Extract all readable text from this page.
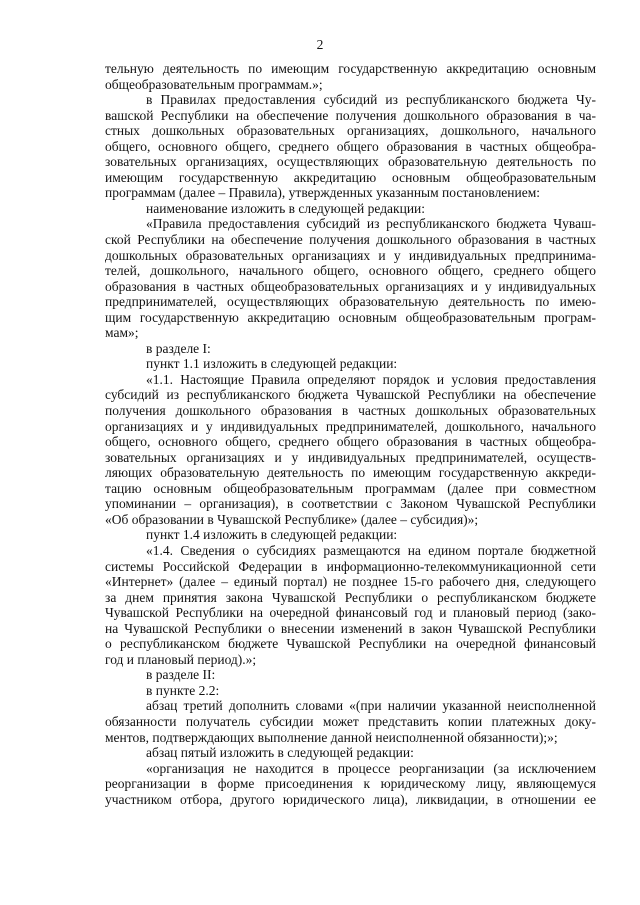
2
тельную деятельность по имеющим государственную аккредитацию основным
общеобразовательным программам.»;
в Правилах предоставления субсидий из республиканского бюджета Чу-
вашской Республики на обеспечение получения дошкольного образования в ча-
стных дошкольных образовательных организациях, дошкольного, начального
общего, основного общего, среднего общего образования в частных общеобра-
зовательных организациях, осуществляющих образовательную деятельность по
имеющим государственную аккредитацию основным общеобразовательным
программам (далее – Правила), утвержденных указанным постановлением:
наименование изложить в следующей редакции:
«Правила предоставления субсидий из республиканского бюджета Чуваш-
ской Республики на обеспечение получения дошкольного образования в частных
дошкольных образовательных организациях и у индивидуальных предпринима-
телей, дошкольного, начального общего, основного общего, среднего общего
образования в частных общеобразовательных организациях и у индивидуальных
предпринимателей, осуществляющих образовательную деятельность по имею-
щим государственную аккредитацию основным общеобразовательным програм-
мам»;
в разделе I:
пункт 1.1 изложить в следующей редакции:
«1.1. Настоящие Правила определяют порядок и условия предоставления
субсидий из республиканского бюджета Чувашской Республики на обеспечение
получения дошкольного образования в частных дошкольных образовательных
организациях и у индивидуальных предпринимателей, дошкольного, начального
общего, основного общего, среднего общего образования в частных общеобра-
зовательных организациях и у индивидуальных предпринимателей, осуществ-
ляющих образовательную деятельность по имеющим государственную аккреди-
тацию основным общеобразовательным программам (далее при совместном
упоминании – организация), в соответствии с Законом Чувашской Республики
«Об образовании в Чувашской Республике» (далее – субсидия)»;
пункт 1.4 изложить в следующей редакции:
«1.4. Сведения о субсидиях размещаются на едином портале бюджетной
системы Российской Федерации в информационно-телекоммуникационной сети
«Интернет» (далее – единый портал) не позднее 15-го рабочего дня, следующего
за днем принятия закона Чувашской Республики о республиканском бюджете
Чувашской Республики на очередной финансовый год и плановый период (зако-
на Чувашской Республики о внесении изменений в закон Чувашской Республики
о республиканском бюджете Чувашской Республики на очередной финансовый
год и плановый период).»;
в разделе II:
в пункте 2.2:
абзац третий дополнить словами «(при наличии указанной неисполненной
обязанности получатель субсидии может представить копии платежных доку-
ментов, подтверждающих выполнение данной неисполненной обязанности);»;
абзац пятый изложить в следующей редакции:
«организация не находится в процессе реорганизации (за исключением
реорганизации в форме присоединения к юридическому лицу, являющемуся
участником отбора, другого юридического лица), ликвидации, в отношении ее
